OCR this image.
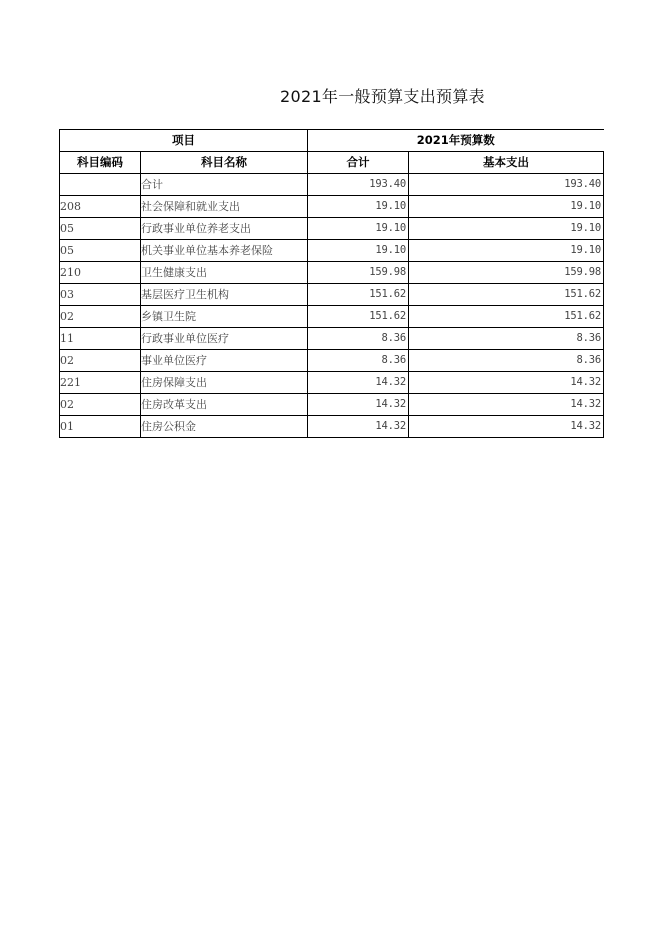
2021年一般预算支出预算表
项目		2021年预算数	
科目编码	科目名称	合计	基本支出
	合计	193.40	193.40
208	社会保障和就业支出	19.10	19.10
05	行政事业单位养老支出	19.10	19.10
05	机关事业单位基本养老保险	19.10	19.10
210	卫生健康支出	159.98	159.98
03	基层医疗卫生机构	151.62	151.62
02	乡镇卫生院	151.62	151.62
11	行政事业单位医疗	8.36	8.36
02	事业单位医疗	8.36	8.36
221	住房保障支出	14.32	14.32
02	住房改革支出	14.32	14.32
01	住房公积金	14.32	14.32
